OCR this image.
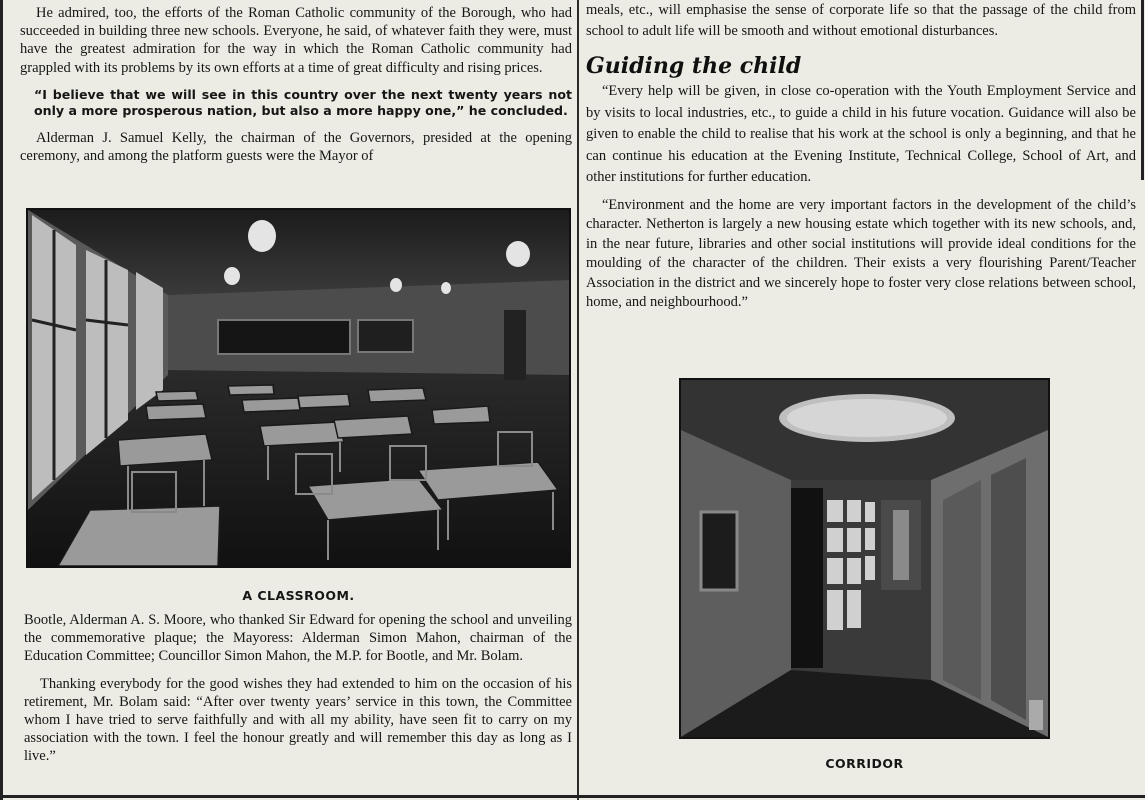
He admired, too, the efforts of the Roman Catholic community of the Borough, who had succeeded in building three new schools. Everyone, he said, of whatever faith they were, must have the greatest admiration for the way in which the Roman Catholic community had grappled with its problems by its own efforts at a time of great difficulty and rising prices.

“I believe that we will see in this country over the next twenty years not only a more prosperous nation, but also a more happy one,” he concluded.

Alderman J. Samuel Kelly, the chairman of the Governors, presided at the opening ceremony, and among the platform guests were the Mayor of

A CLASSROOM.

Bootle, Alderman A. S. Moore, who thanked Sir Edward for opening the school and unveiling the commemorative plaque; the Mayoress: Alderman Simon Mahon, chairman of the Education Committee; Councillor Simon Mahon, the M.P. for Bootle, and Mr. Bolam.

Thanking everybody for the good wishes they had extended to him on the occasion of his retirement, Mr. Bolam said: “After over twenty years’ service in this town, the Committee whom I have tried to serve faithfully and with all my ability, have seen fit to carry on my association with the town. I feel the honour greatly and will remember this day as long as I live.”

meals, etc., will emphasise the sense of corporate life so that the passage of the child from school to adult life will be smooth and without emotional disturbances.

Guiding the child

“Every help will be given, in close co-operation with the Youth Employment Service and by visits to local industries, etc., to guide a child in his future vocation. Guidance will also be given to enable the child to realise that his work at the school is only a beginning, and that he can continue his education at the Evening Institute, Technical College, School of Art, and other institutions for further education.

“Environment and the home are very important factors in the development of the child’s character. Netherton is largely a new housing estate which together with its new schools, and, in the near future, libraries and other social institutions will provide ideal conditions for the moulding of the character of the children. Their exists a very flourishing Parent/Teacher Association in the district and we sincerely hope to foster very close relations between school, home, and neighbourhood.”

CORRIDOR
